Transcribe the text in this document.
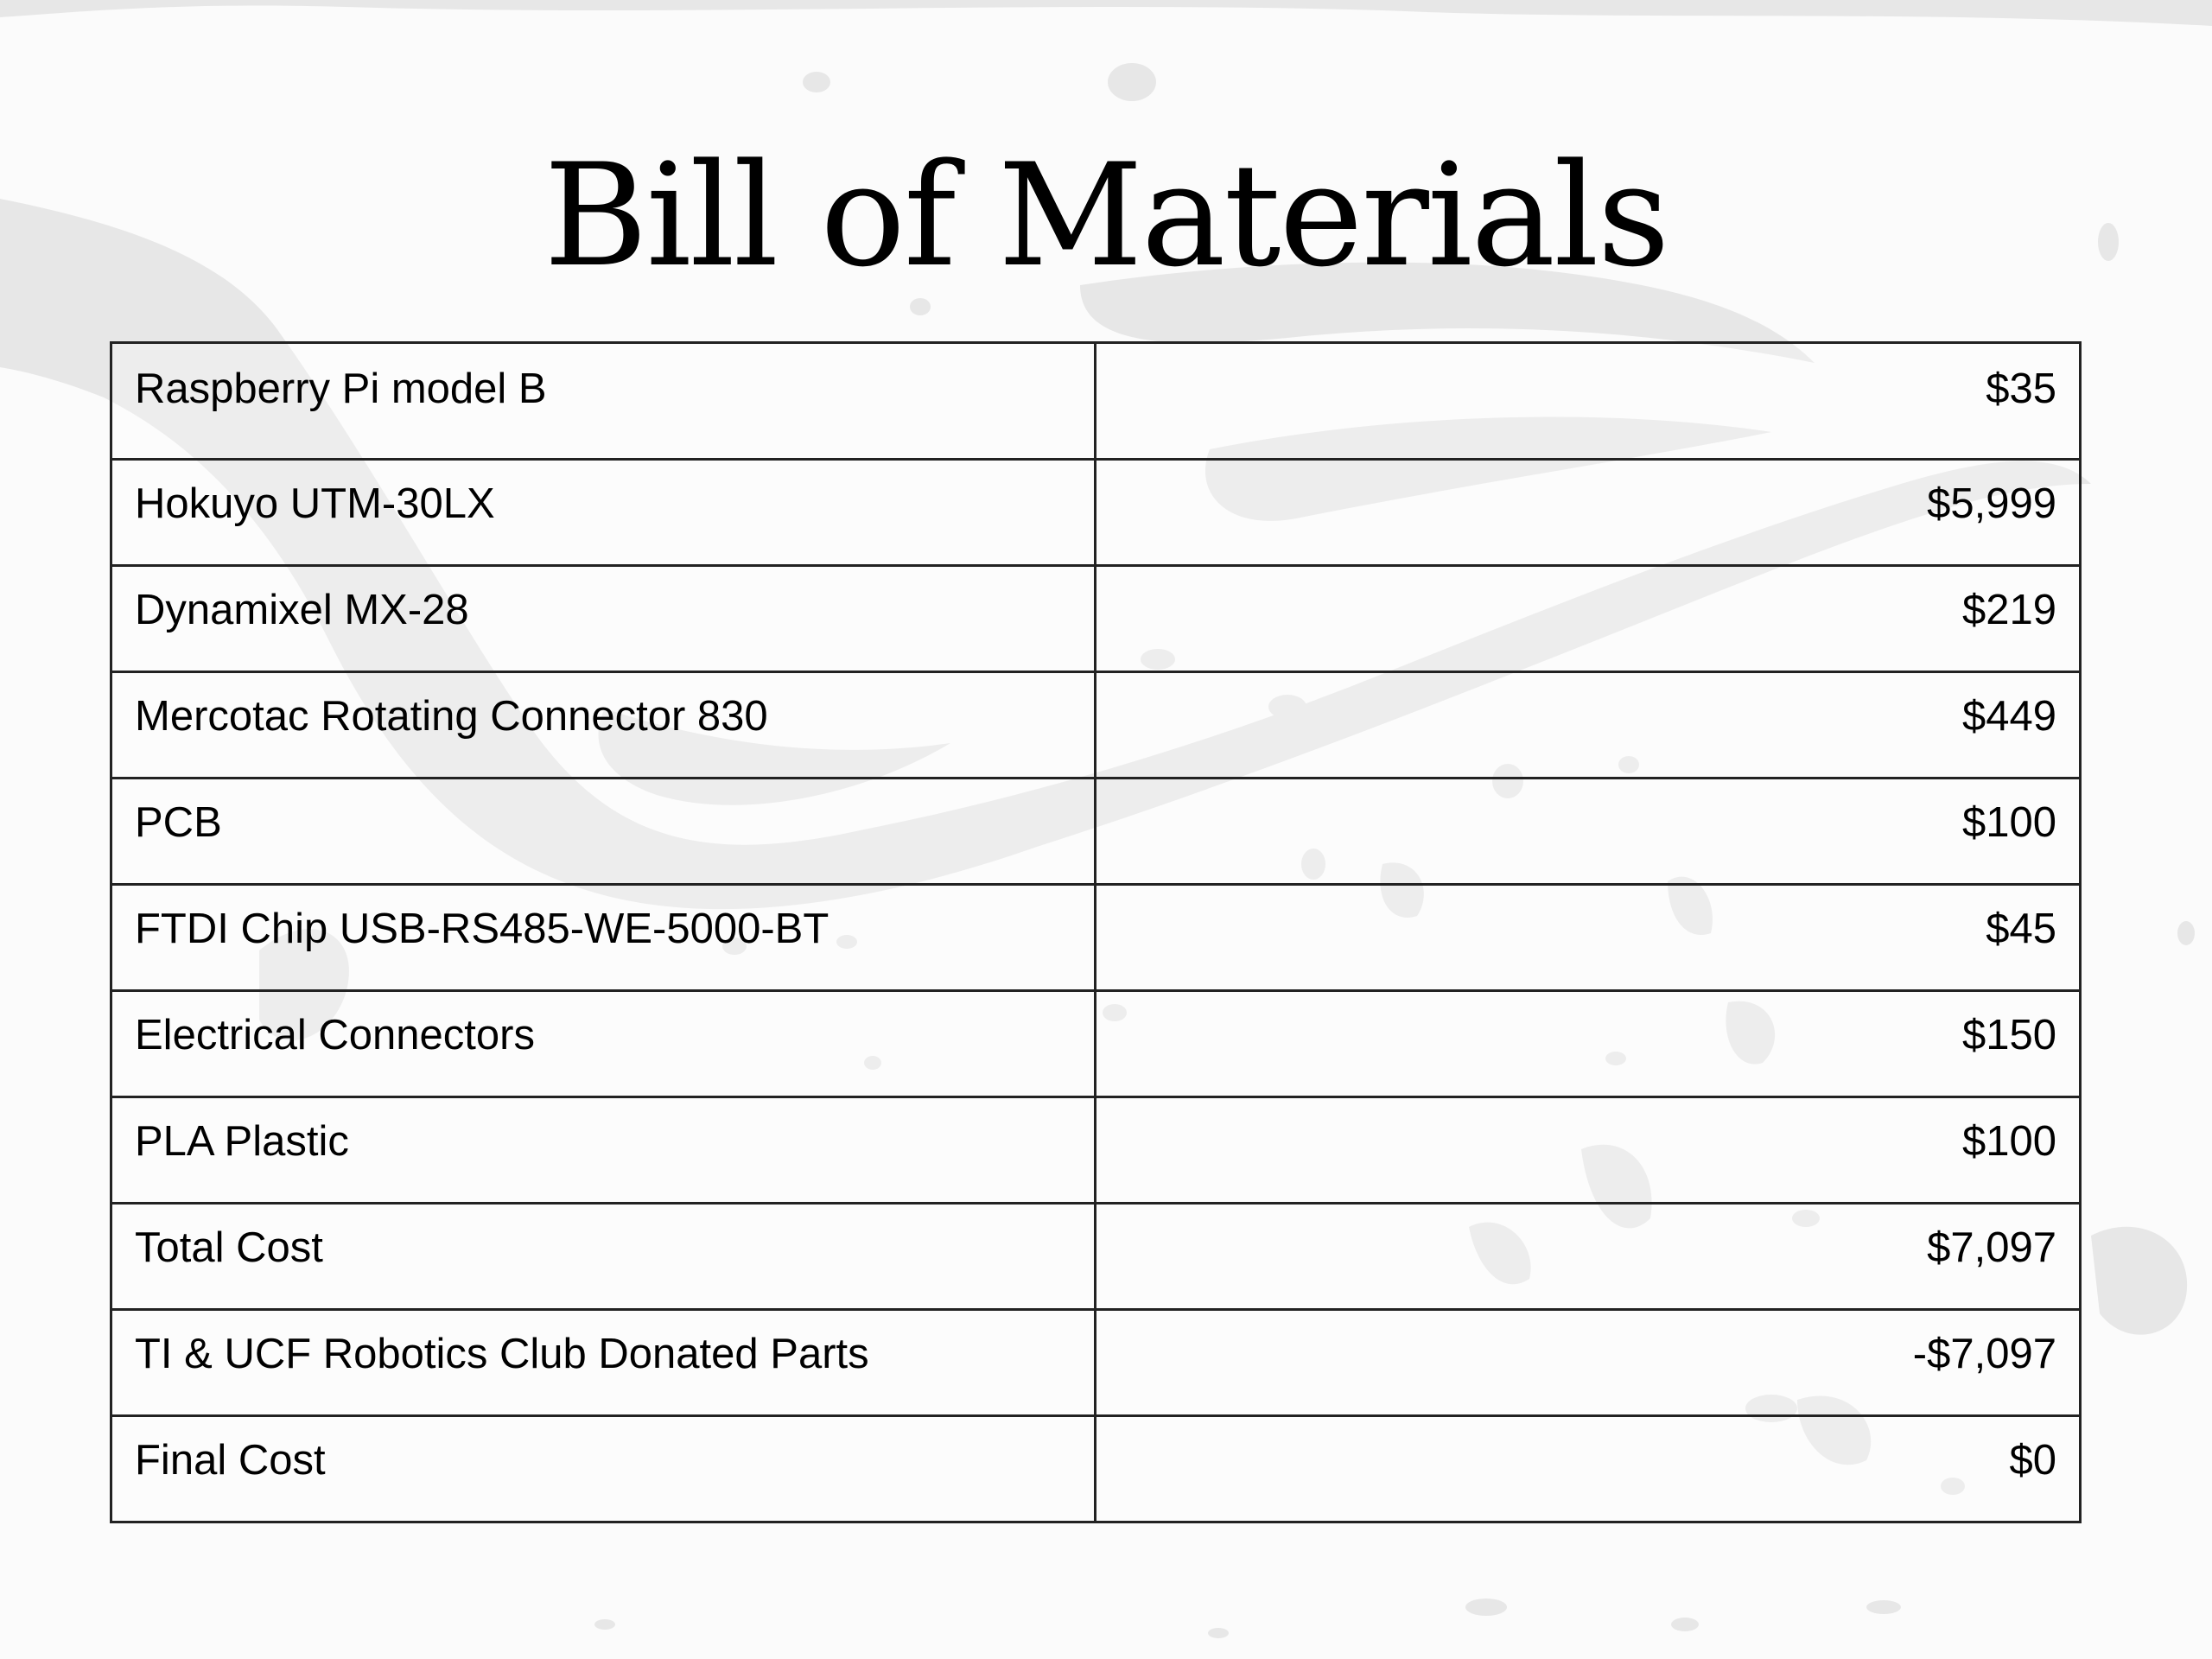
Bill of Materials
Raspberry Pi model B	$35
Hokuyo UTM-30LX	$5,999
Dynamixel MX-28	$219
Mercotac Rotating Connector 830	$449
PCB	$100
FTDI Chip USB-RS485-WE-5000-BT	$45
Electrical Connectors	$150
PLA Plastic	$100
Total Cost	$7,097
TI & UCF Robotics Club Donated Parts	-$7,097
Final Cost	$0
